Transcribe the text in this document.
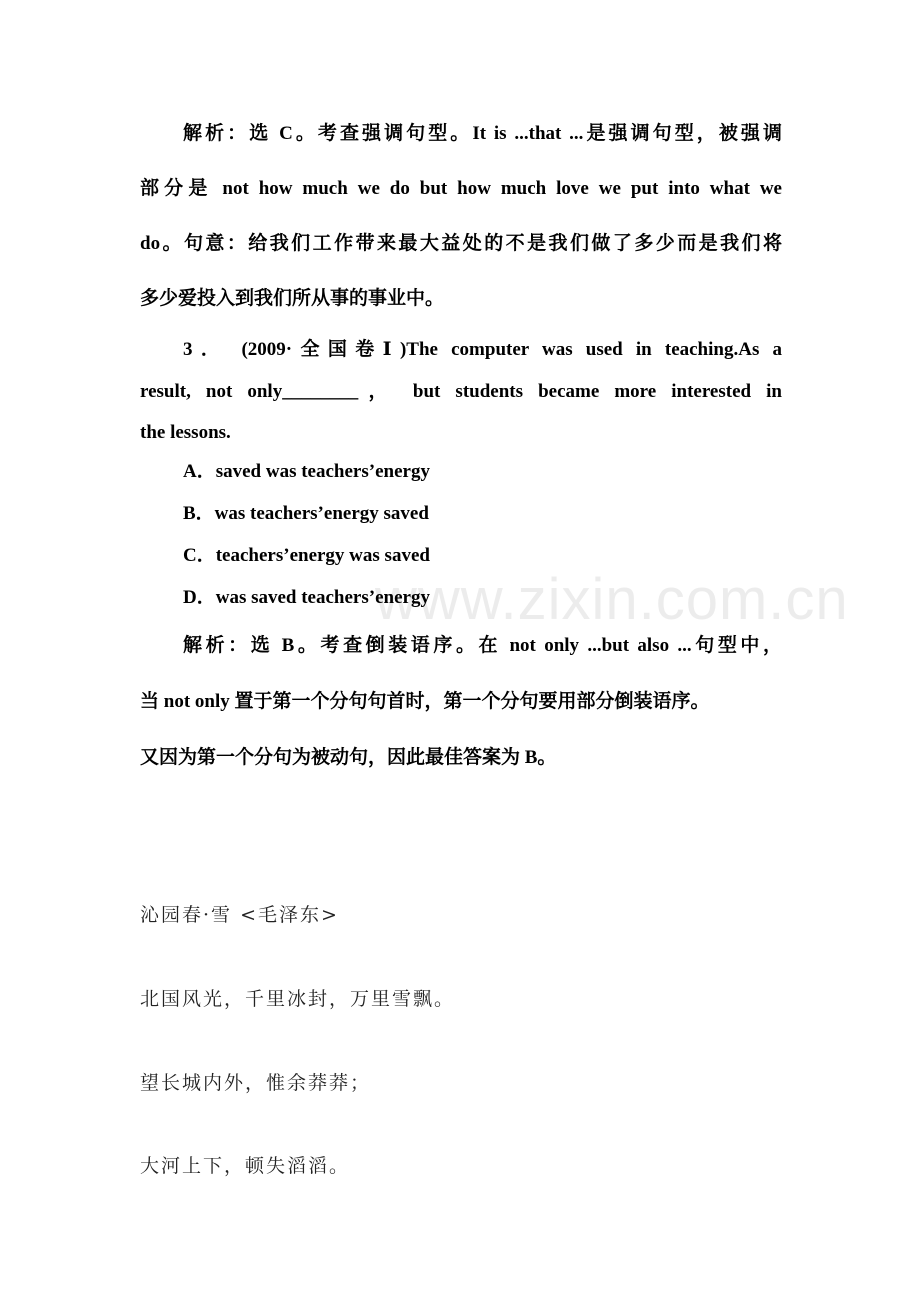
www.zixin.com.cn
解析：选 C。考查强调句型。It is ...that ...是强调句型，被强调
部分是 not how much we do but how much love we put into what we
do。句意：给我们工作带来最大益处的不是我们做了多少而是我们将
多少爱投入到我们所从事的事业中。
3． (2009·全国卷Ⅰ)The computer was used in teaching.As a
result, not only________， but students became more interested in
the lessons.
A．saved was teachers’energy
B．was teachers’energy saved
C．teachers’energy was saved
D．was saved teachers’energy
解析：选 B。考查倒装语序。在 not only ...but also ...句型中，
当 not only 置于第一个分句句首时，第一个分句要用部分倒装语序。
又因为第一个分句为被动句，因此最佳答案为 B。
沁园春·雪 <毛泽东>
北国风光，千里冰封，万里雪飘。
望长城内外，惟余莽莽；
大河上下，顿失滔滔。
